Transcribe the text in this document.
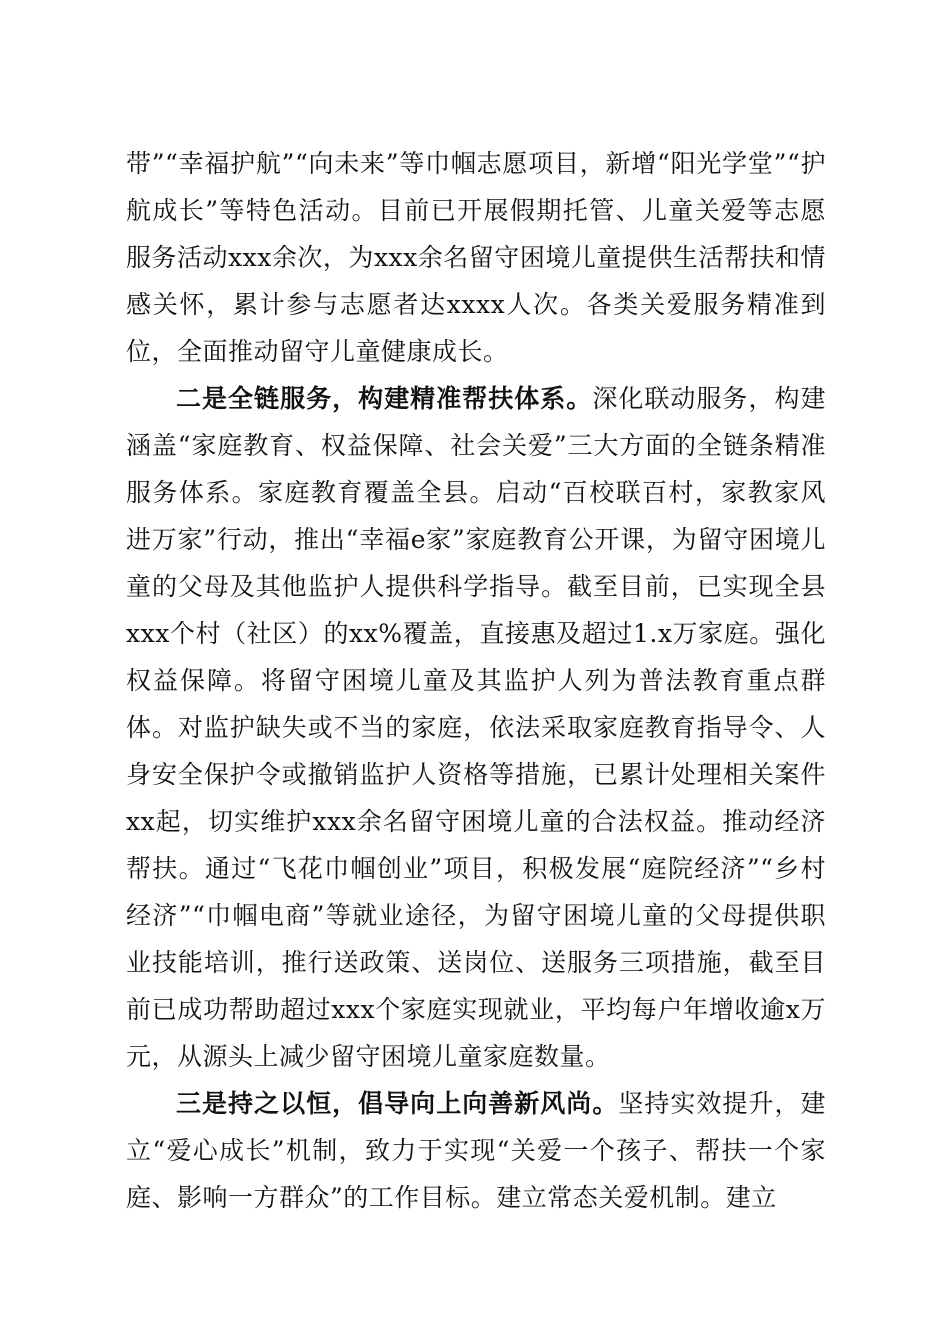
带”“幸福护航”“向未来”等巾帼志愿项目，新增“阳光学堂”“护航成长”等特色活动。目前已开展假期托管、儿童关爱等志愿服务活动xxx余次，为xxx余名留守困境儿童提供生活帮扶和情感关怀，累计参与志愿者达xxxx人次。各类关爱服务精准到位，全面推动留守儿童健康成长。

二是全链服务，构建精准帮扶体系。深化联动服务，构建涵盖“家庭教育、权益保障、社会关爱”三大方面的全链条精准服务体系。家庭教育覆盖全县。启动“百校联百村，家教家风进万家”行动，推出“幸福e家”家庭教育公开课，为留守困境儿童的父母及其他监护人提供科学指导。截至目前，已实现全县xxx个村（社区）的xx%覆盖，直接惠及超过1.x万家庭。强化权益保障。将留守困境儿童及其监护人列为普法教育重点群体。对监护缺失或不当的家庭，依法采取家庭教育指导令、人身安全保护令或撤销监护人资格等措施，已累计处理相关案件xx起，切实维护xxx余名留守困境儿童的合法权益。推动经济帮扶。通过“飞花巾帼创业”项目，积极发展“庭院经济”“乡村经济”“巾帼电商”等就业途径，为留守困境儿童的父母提供职业技能培训，推行送政策、送岗位、送服务三项措施，截至目前已成功帮助超过xxx个家庭实现就业，平均每户年增收逾x万元，从源头上减少留守困境儿童家庭数量。

三是持之以恒，倡导向上向善新风尚。坚持实效提升，建立“爱心成长”机制，致力于实现“关爱一个孩子、帮扶一个家庭、影响一方群众”的工作目标。建立常态关爱机制。建立
